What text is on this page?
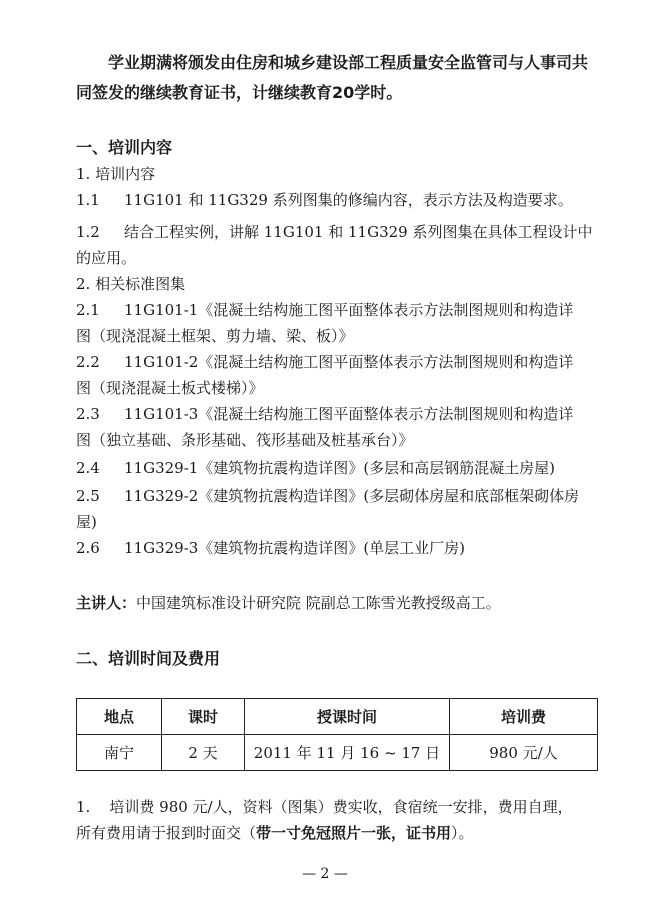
学业期满将颁发由住房和城乡建设部工程质量安全监管司与人事司共

同签发的继续教育证书，计继续教育20学时。

一、培训内容

1. 培训内容

1.1 11G101 和 11G329 系列图集的修编内容，表示方法及构造要求。

1.2 结合工程实例，讲解 11G101 和 11G329 系列图集在具体工程设计中

的应用。

2. 相关标准图集

2.1 11G101-1《混凝土结构施工图平面整体表示方法制图规则和构造详

图（现浇混凝土框架、剪力墙、梁、板）》

2.2 11G101-2《混凝土结构施工图平面整体表示方法制图规则和构造详

图（现浇混凝土板式楼梯）》

2.3 11G101-3《混凝土结构施工图平面整体表示方法制图规则和构造详

图（独立基础、条形基础、筏形基础及桩基承台）》

2.4 11G329-1《建筑物抗震构造详图》(多层和高层钢筋混凝土房屋)

2.5 11G329-2《建筑物抗震构造详图》(多层砌体房屋和底部框架砌体房

屋)

2.6 11G329-3《建筑物抗震构造详图》(单层工业厂房)

主讲人：中国建筑标准设计研究院 院副总工陈雪光教授级高工。

二、培训时间及费用

地点	课时	授课时间	培训费
南宁	2 天	2011 年 11 月 16 ~ 17 日	980 元/人

1. 培训费 980 元/人，资料（图集）费实收，食宿统一安排，费用自理，

所有费用请于报到时面交（带一寸免冠照片一张，证书用）。

— 2 —
